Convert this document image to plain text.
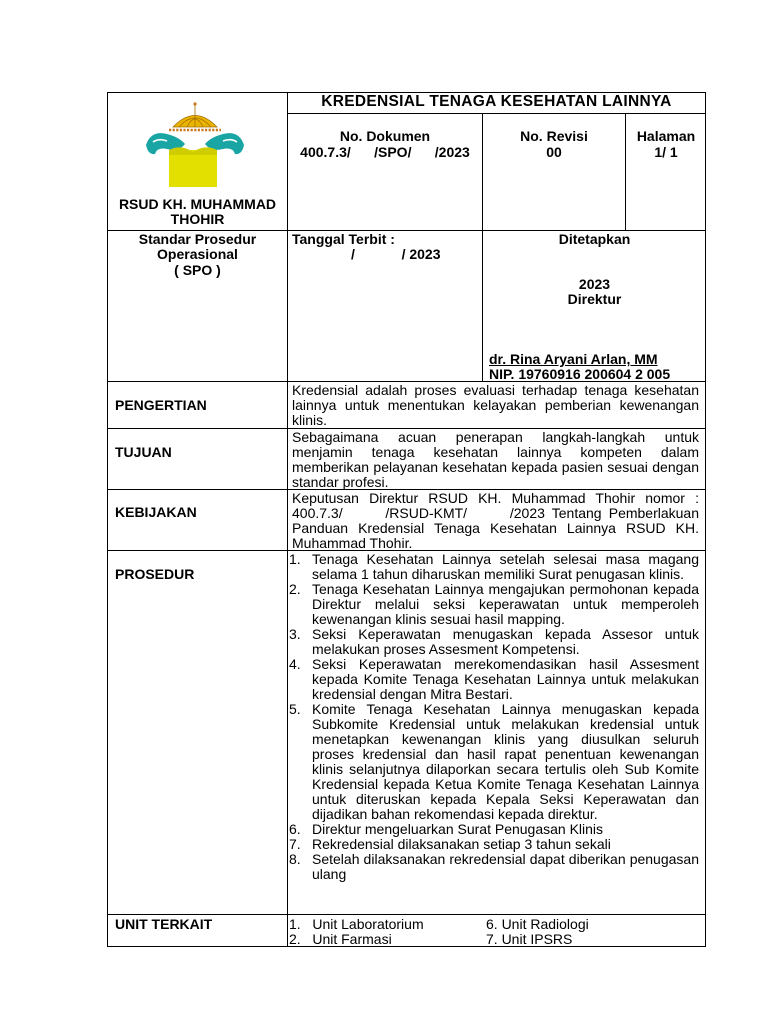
KREDENSIAL TENAGA KESEHATAN LAINNYA
RSUD KH. MUHAMMAD THOHIR
No. Dokumen
400.7.3/      /SPO/      /2023
No. Revisi
00
Halaman
1/ 1
Standar Prosedur
Operasional
( SPO )
Tanggal Terbit :
/            / 2023
Ditetapkan
2023
Direktur
dr. Rina Aryani Arlan, MM
NIP. 19760916 200604 2 005
PENGERTIAN
Kredensial adalah proses evaluasi terhadap tenaga kesehatan lainnya untuk menentukan kelayakan pemberian kewenangan klinis.
TUJUAN
Sebagaimana acuan penerapan langkah-langkah untuk menjamin tenaga kesehatan lainnya kompeten dalam memberikan pelayanan kesehatan kepada pasien sesuai dengan standar profesi.
KEBIJAKAN
Keputusan Direktur RSUD KH. Muhammad Thohir nomor : 400.7.3/      /RSUD-KMT/      /2023 Tentang Pemberlakuan Panduan Kredensial Tenaga Kesehatan Lainnya RSUD KH. Muhammad Thohir.
PROSEDUR
1. Tenaga Kesehatan Lainnya setelah selesai masa magang selama 1 tahun diharuskan memiliki Surat penugasan klinis.
2. Tenaga Kesehatan Lainnya mengajukan permohonan kepada Direktur melalui seksi keperawatan untuk memperoleh kewenangan klinis sesuai hasil mapping.
3. Seksi Keperawatan menugaskan kepada Assesor untuk melakukan proses Assesment Kompetensi.
4. Seksi Keperawatan merekomendasikan hasil Assesment kepada Komite Tenaga Kesehatan Lainnya untuk melakukan kredensial dengan Mitra Bestari.
5. Komite Tenaga Kesehatan Lainnya menugaskan kepada Subkomite Kredensial untuk melakukan kredensial untuk menetapkan kewenangan klinis yang diusulkan seluruh proses kredensial dan hasil rapat penentuan kewenangan klinis selanjutnya dilaporkan secara tertulis oleh Sub Komite Kredensial kepada Ketua Komite Tenaga Kesehatan Lainnya untuk diteruskan kepada Kepala Seksi Keperawatan dan dijadikan bahan rekomendasi kepada direktur.
6. Direktur mengeluarkan Surat Penugasan Klinis
7. Rekredensial dilaksanakan setiap 3 tahun sekali
8. Setelah dilaksanakan rekredensial dapat diberikan penugasan ulang
UNIT TERKAIT	1.   Unit Laboratorium	6. Unit Radiologi
2.   Unit Farmasi	7. Unit IPSRS
